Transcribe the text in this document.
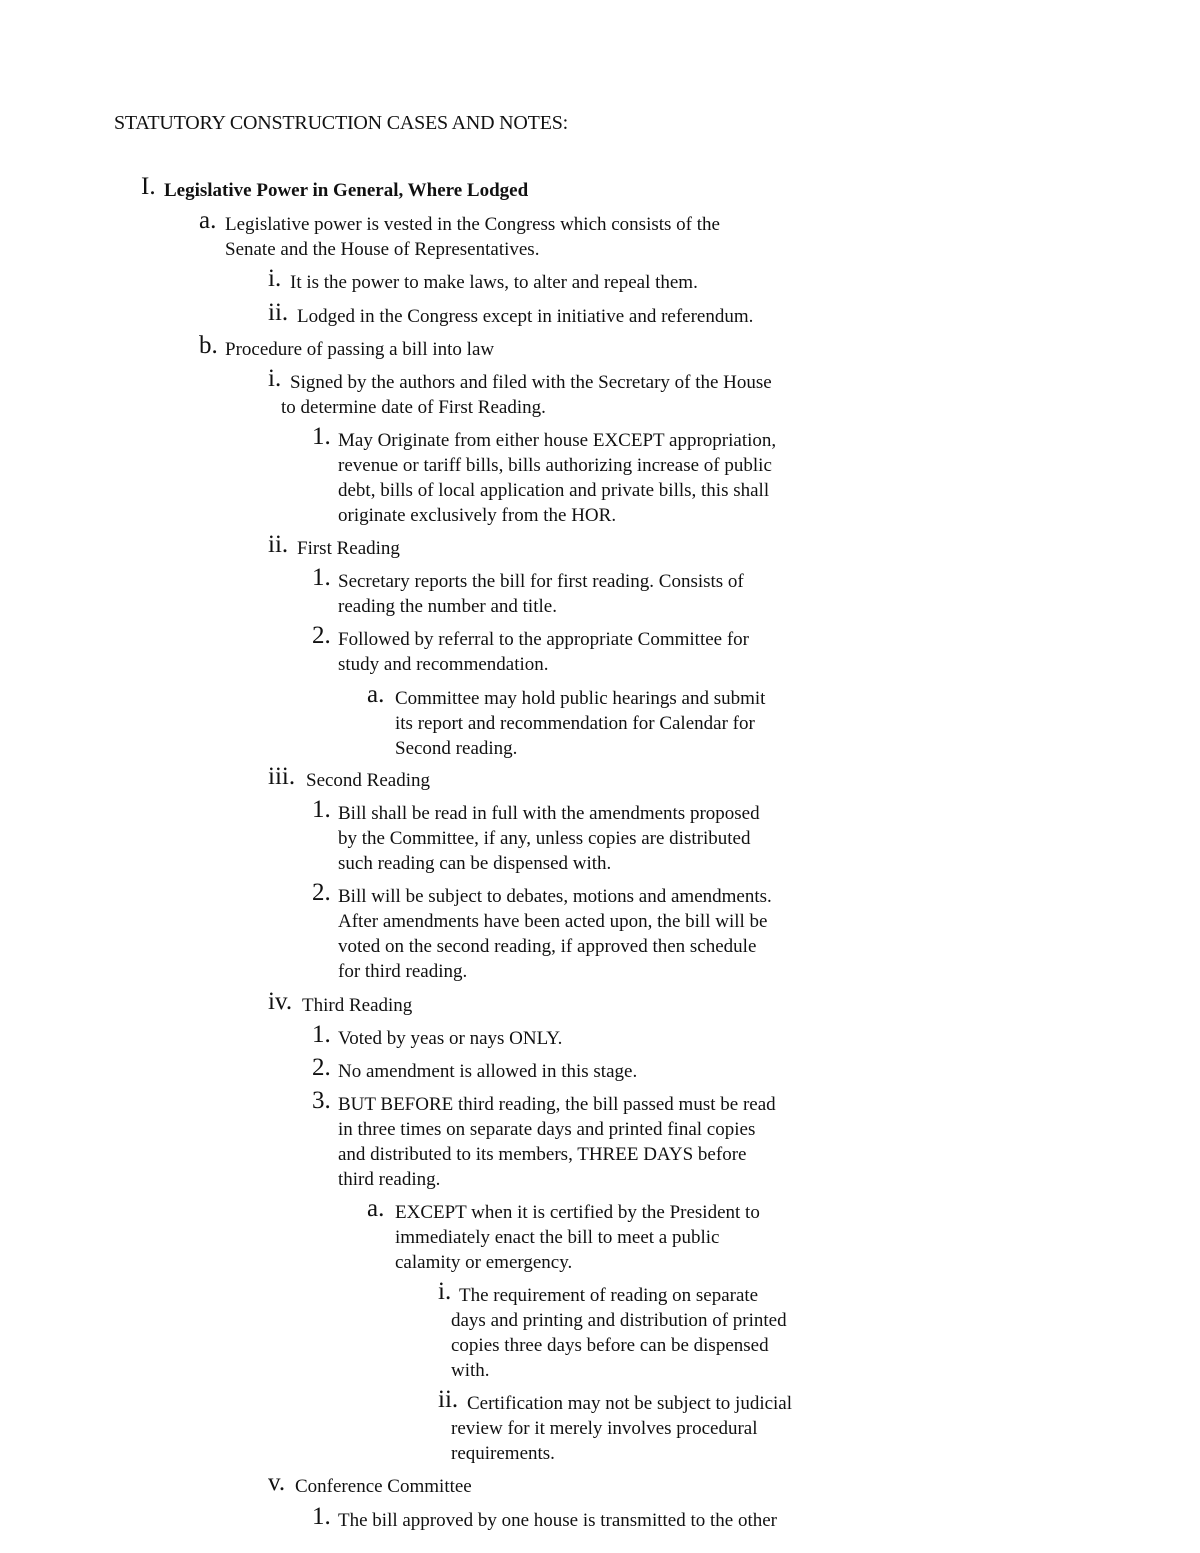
STATUTORY CONSTRUCTION CASES AND NOTES:
I. Legislative Power in General, Where Lodged
a. Legislative power is vested in the Congress which consists of the
Senate and the House of Representatives.
i. It is the power to make laws, to alter and repeal them.
ii. Lodged in the Congress except in initiative and referendum.
b. Procedure of passing a bill into law
i. Signed by the authors and filed with the Secretary of the House
to determine date of First Reading.
1. May Originate from either house EXCEPT appropriation,
revenue or tariff bills, bills authorizing increase of public
debt, bills of local application and private bills, this shall
originate exclusively from the HOR.
ii. First Reading
1. Secretary reports the bill for first reading. Consists of
reading the number and title.
2. Followed by referral to the appropriate Committee for
study and recommendation.
a. Committee may hold public hearings and submit
its report and recommendation for Calendar for
Second reading.
iii. Second Reading
1. Bill shall be read in full with the amendments proposed
by the Committee, if any, unless copies are distributed
such reading can be dispensed with.
2. Bill will be subject to debates, motions and amendments.
After amendments have been acted upon, the bill will be
voted on the second reading, if approved then schedule
for third reading.
iv. Third Reading
1. Voted by yeas or nays ONLY.
2. No amendment is allowed in this stage.
3. BUT BEFORE third reading, the bill passed must be read
in three times on separate days and printed final copies
and distributed to its members, THREE DAYS before
third reading.
a. EXCEPT when it is certified by the President to
immediately enact the bill to meet a public
calamity or emergency.
i. The requirement of reading on separate
days and printing and distribution of printed
copies three days before can be dispensed
with.
ii. Certification may not be subject to judicial
review for it merely involves procedural
requirements.
v. Conference Committee
1. The bill approved by one house is transmitted to the other
